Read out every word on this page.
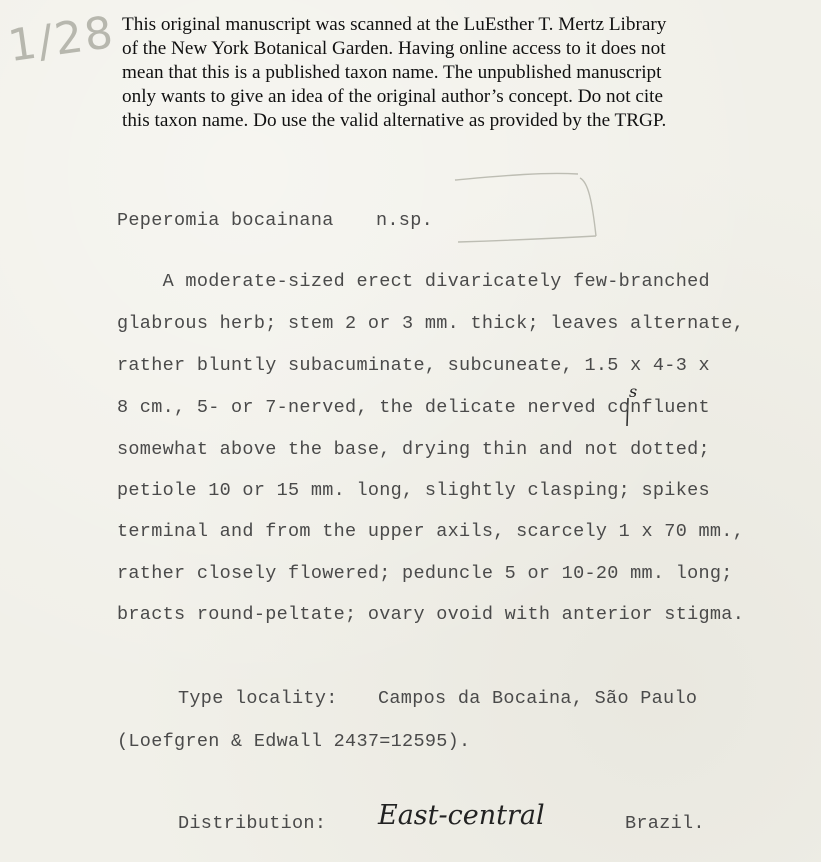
1/28 This original manuscript was scanned at the LuEsther T. Mertz Library

of the New York Botanical Garden. Having online access to it does not

mean that this is a published taxon name. The unpublished manuscript

only wants to give an idea of the original author’s concept. Do not cite

this taxon name. Do use the valid alternative as provided by the TRGP.

Peperomia bocainana n.sp.
A moderate-sized erect divaricately few-branched
glabrous herb; stem 2 or 3 mm. thick; leaves alternate,
rather bluntly subacuminate, subcuneate, 1.5 x 4-3 x
8 cm., 5- or 7-nerved, the delicate nerved confluent
somewhat above the base, drying thin and not dotted;
petiole 10 or 15 mm. long, slightly clasping; spikes
terminal and from the upper axils, scarcely 1 x 70 mm.,
rather closely flowered; peduncle 5 or 10-20 mm. long;
bracts round-peltate; ovary ovoid with anterior stigma.
s
Type locality: Campos da Bocaina, São Paulo
(Loefgren & Edwall 2437=12595).
Distribution: East-central	Brazil.
